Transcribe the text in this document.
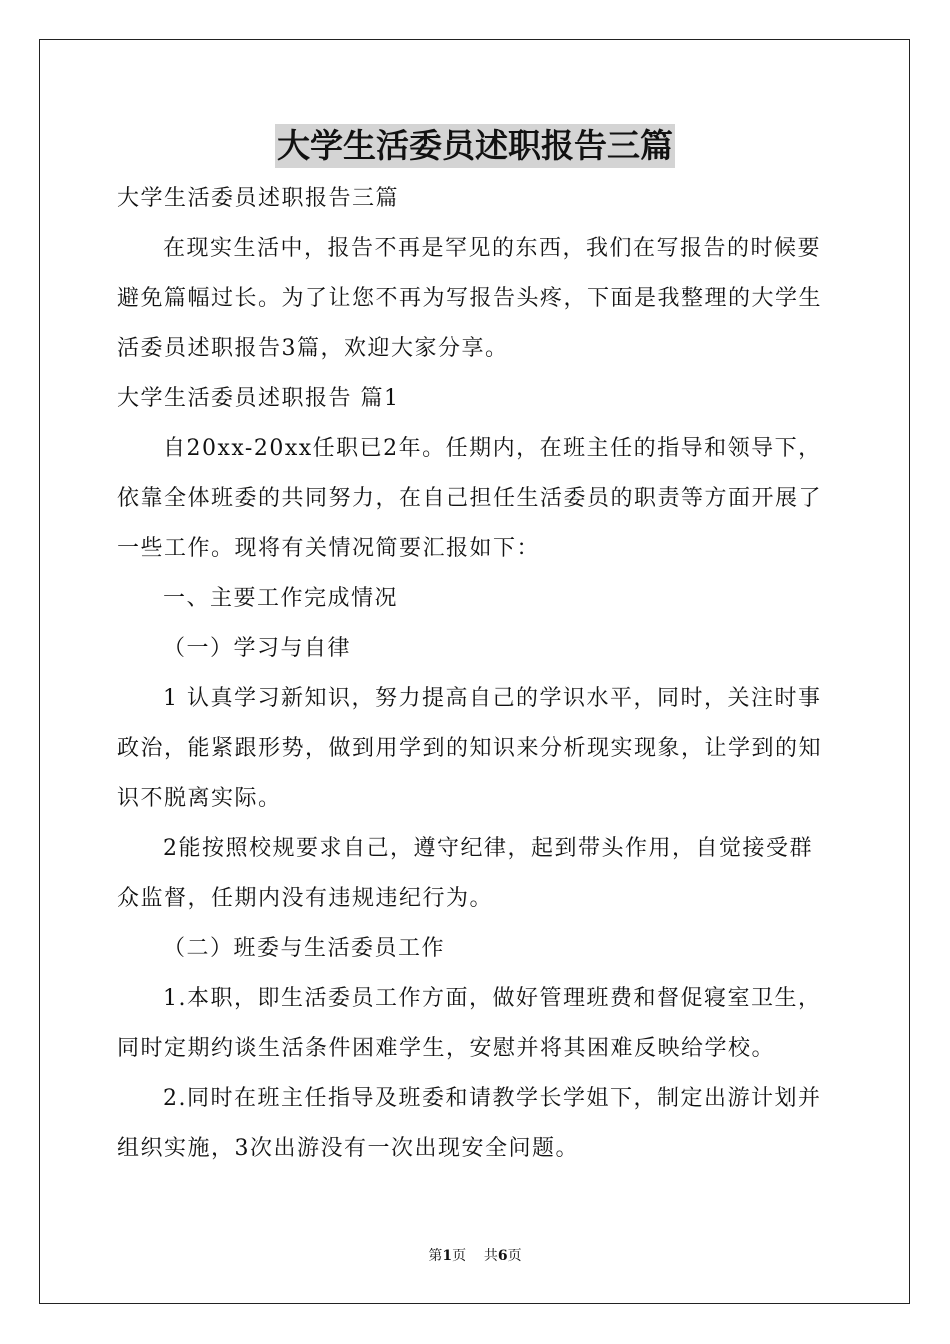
大学生活委员述职报告三篇
大学生活委员述职报告三篇
在现实生活中，报告不再是罕见的东西，我们在写报告的时候要
避免篇幅过长。为了让您不再为写报告头疼，下面是我整理的大学生
活委员述职报告3篇，欢迎大家分享。
大学生活委员述职报告 篇1
自20xx-20xx任职已2年。任期内，在班主任的指导和领导下，
依靠全体班委的共同努力，在自己担任生活委员的职责等方面开展了
一些工作。现将有关情况简要汇报如下：
一、主要工作完成情况
（一）学习与自律
1 认真学习新知识，努力提高自己的学识水平，同时，关注时事
政治，能紧跟形势，做到用学到的知识来分析现实现象，让学到的知
识不脱离实际。
2能按照校规要求自己，遵守纪律，起到带头作用，自觉接受群
众监督，任期内没有违规违纪行为。
（二）班委与生活委员工作
1.本职，即生活委员工作方面，做好管理班费和督促寝室卫生，
同时定期约谈生活条件困难学生，安慰并将其困难反映给学校。
2.同时在班主任指导及班委和请教学长学姐下，制定出游计划并
组织实施，3次出游没有一次出现安全问题。
第1页 共6页
